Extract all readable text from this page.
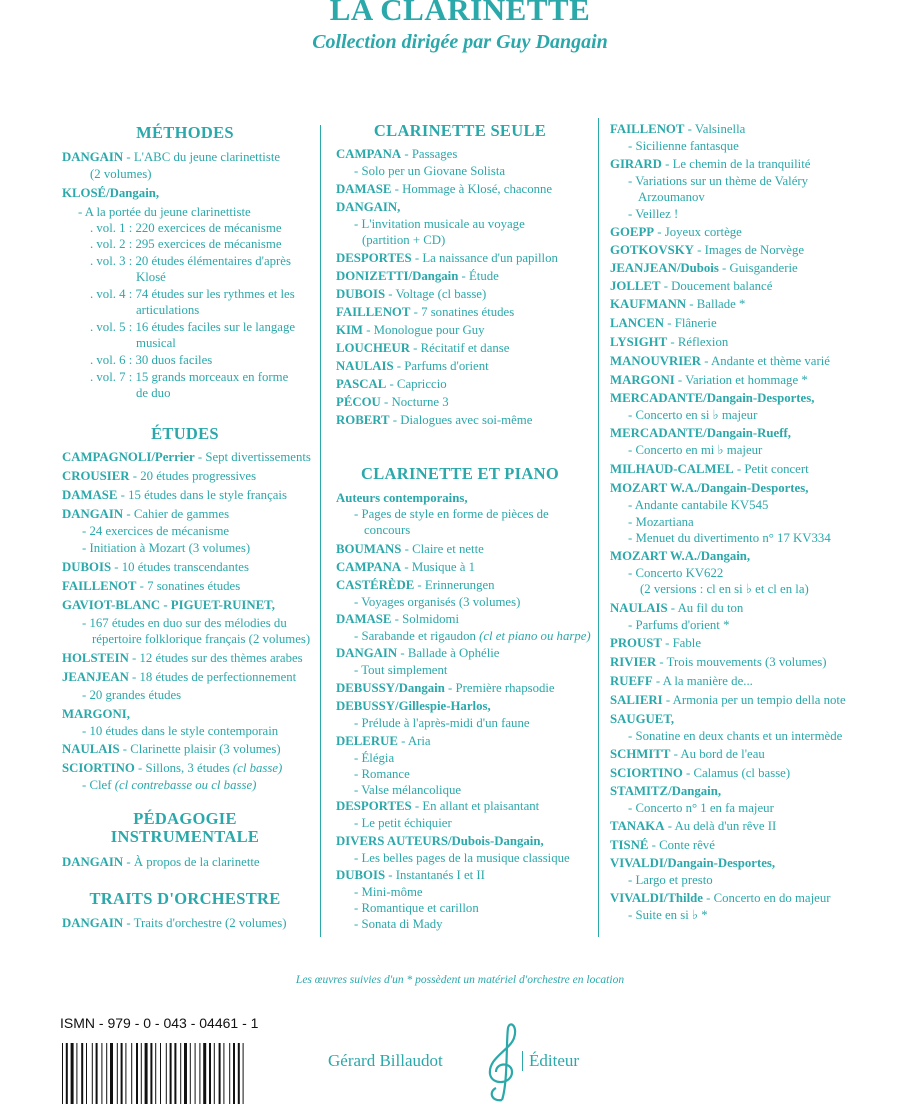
LA CLARINETTE
Collection dirigée par Guy Dangain
MÉTHODES
DANGAIN - L'ABC du jeune clarinettiste
(2 volumes)
KLOSÉ/Dangain,
- A la portée du jeune clarinettiste
. vol. 1 : 220 exercices de mécanisme
. vol. 2 : 295 exercices de mécanisme
. vol. 3 : 20 études élémentaires d'après
Klosé
. vol. 4 : 74 études sur les rythmes et les
articulations
. vol. 5 : 16 études faciles sur le langage
musical
. vol. 6 : 30 duos faciles
. vol. 7 : 15 grands morceaux en forme
de duo
ÉTUDES
CAMPAGNOLI/Perrier - Sept divertissements
CROUSIER - 20 études progressives
DAMASE - 15 études dans le style français
DANGAIN - Cahier de gammes
- 24 exercices de mécanisme
- Initiation à Mozart (3 volumes)
DUBOIS - 10 études transcendantes
FAILLENOT - 7 sonatines études
GAVIOT-BLANC - PIGUET-RUINET,
- 167 études en duo sur des mélodies du
répertoire folklorique français (2 volumes)
HOLSTEIN - 12 études sur des thèmes arabes
JEANJEAN - 18 études de perfectionnement
- 20 grandes études
MARGONI,
- 10 études dans le style contemporain
NAULAIS - Clarinette plaisir (3 volumes)
SCIORTINO - Sillons, 3 études (cl basse)
- Clef (cl contrebasse ou cl basse)
PÉDAGOGIE
INSTRUMENTALE
DANGAIN - À propos de la clarinette
TRAITS D'ORCHESTRE
DANGAIN - Traits d'orchestre (2 volumes)
CLARINETTE SEULE
CAMPANA - Passages
- Solo per un Giovane Solista
DAMASE - Hommage à Klosé, chaconne
DANGAIN,
- L'invitation musicale au voyage
(partition + CD)
DESPORTES - La naissance d'un papillon
DONIZETTI/Dangain - Étude
DUBOIS - Voltage (cl basse)
FAILLENOT - 7 sonatines études
KIM - Monologue pour Guy
LOUCHEUR - Récitatif et danse
NAULAIS - Parfums d'orient
PASCAL - Capriccio
PÉCOU - Nocturne 3
ROBERT - Dialogues avec soi-même
CLARINETTE ET PIANO
Auteurs contemporains,
- Pages de style en forme de pièces de
concours
BOUMANS - Claire et nette
CAMPANA - Musique à 1
CASTÉRÈDE - Erinnerungen
- Voyages organisés (3 volumes)
DAMASE - Solmidomi
- Sarabande et rigaudon (cl et piano ou harpe)
DANGAIN - Ballade à Ophélie
- Tout simplement
DEBUSSY/Dangain - Première rhapsodie
DEBUSSY/Gillespie-Harlos,
- Prélude à l'après-midi d'un faune
DELERUE - Aria
- Élégia
- Romance
- Valse mélancolique
DESPORTES - En allant et plaisantant
- Le petit échiquier
DIVERS AUTEURS/Dubois-Dangain,
- Les belles pages de la musique classique
DUBOIS - Instantanés I et II
- Mini-môme
- Romantique et carillon
- Sonata di Mady
FAILLENOT - Valsinella
- Sicilienne fantasque
GIRARD - Le chemin de la tranquilité
- Variations sur un thème de Valéry
Arzoumanov
- Veillez !
GOEPP - Joyeux cortège
GOTKOVSKY - Images de Norvège
JEANJEAN/Dubois - Guisganderie
JOLLET - Doucement balancé
KAUFMANN - Ballade *
LANCEN - Flânerie
LYSIGHT - Réflexion
MANOUVRIER - Andante et thème varié
MARGONI - Variation et hommage *
MERCADANTE/Dangain-Desportes,
- Concerto en si ♭ majeur
MERCADANTE/Dangain-Rueff,
- Concerto en mi ♭ majeur
MILHAUD-CALMEL - Petit concert
MOZART W.A./Dangain-Desportes,
- Andante cantabile KV545
- Mozartiana
- Menuet du divertimento n° 17 KV334
MOZART W.A./Dangain,
- Concerto KV622
(2 versions : cl en si ♭ et cl en la)
NAULAIS - Au fil du ton
- Parfums d'orient *
PROUST - Fable
RIVIER - Trois mouvements (3 volumes)
RUEFF - A la manière de...
SALIERI - Armonia per un tempio della note
SAUGUET,
- Sonatine en deux chants et un intermède
SCHMITT - Au bord de l'eau
SCIORTINO - Calamus (cl basse)
STAMITZ/Dangain,
- Concerto n° 1 en fa majeur
TANAKA - Au delà d'un rêve II
TISNÉ - Conte rêvé
VIVALDI/Dangain-Desportes,
- Largo et presto
VIVALDI/Thilde - Concerto en do majeur
- Suite en si ♭ *
Les œuvres suivies d'un * possèdent un matériel d'orchestre en location
ISMN - 979 - 0 - 043 - 04461 - 1
Gérard Billaudot	Éditeur
